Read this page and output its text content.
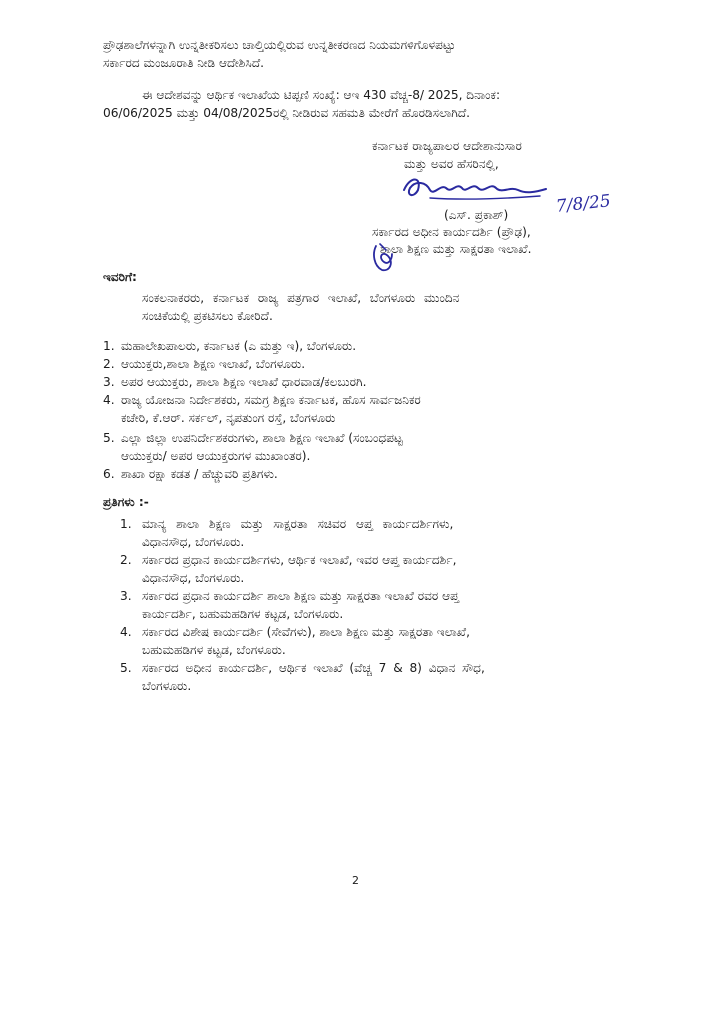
ಪ್ರೌಢಶಾಲೆಗಳನ್ನಾಗಿ ಉನ್ನತೀಕರಿಸಲು ಚಾಲ್ತಿಯಲ್ಲಿರುವ ಉನ್ನತೀಕರಣದ ನಿಯಮಗಳಿಗೊಳಪಟ್ಟು
ಸರ್ಕಾರದ ಮಂಜೂರಾತಿ ನೀಡಿ ಆದೇಶಿಸಿದೆ.
ಈ ಆದೇಶವನ್ನು ಆರ್ಥಿಕ ಇಲಾಖೆಯ ಟಿಪ್ಪಣಿ ಸಂಖ್ಯೆ: ಆಇ 430 ವೆಚ್ಚ-8/ 2025, ದಿನಾಂಕ:
06/06/2025 ಮತ್ತು 04/08/2025ರಲ್ಲಿ ನೀಡಿರುವ ಸಹಮತಿ ಮೇರೆಗೆ ಹೊರಡಿಸಲಾಗಿದೆ.
ಕರ್ನಾಟಕ ರಾಜ್ಯಪಾಲರ ಆದೇಶಾನುಸಾರ
ಮತ್ತು ಅವರ ಹೆಸರಿನಲ್ಲಿ,
7/8/25
(ಎಸ್. ಪ್ರಕಾಶ್)
ಸರ್ಕಾರದ ಅಧೀನ ಕಾರ್ಯದರ್ಶಿ (ಪ್ರೌಢ),
ಶಾಲಾ ಶಿಕ್ಷಣ ಮತ್ತು ಸಾಕ್ಷರತಾ ಇಲಾಖೆ.
ಇವರಿಗೆ:
ಸಂಕಲನಾಕರರು, ಕರ್ನಾಟಕ ರಾಜ್ಯ ಪತ್ರಗಾರ ಇಲಾಖೆ, ಬೆಂಗಳೂರು ಮುಂದಿನ
ಸಂಚಿಕೆಯಲ್ಲಿ ಪ್ರಕಟಿಸಲು ಕೋರಿದೆ.
1. ಮಹಾಲೇಖಪಾಲರು, ಕರ್ನಾಟಕ (ಎ ಮತ್ತು ಇ), ಬೆಂಗಳೂರು.
2. ಆಯುಕ್ತರು,ಶಾಲಾ ಶಿಕ್ಷಣ ಇಲಾಖೆ, ಬೆಂಗಳೂರು.
3. ಅಪರ ಆಯುಕ್ತರು, ಶಾಲಾ ಶಿಕ್ಷಣ ಇಲಾಖೆ ಧಾರವಾಡ/ಕಲಬುರಗಿ.
4. ರಾಜ್ಯ ಯೋಜನಾ ನಿರ್ದೇಶಕರು, ಸಮಗ್ರ ಶಿಕ್ಷಣ ಕರ್ನಾಟಕ, ಹೊಸ ಸಾರ್ವಜನಿಕರ
ಕಚೇರಿ, ಕೆ.ಆರ್. ಸರ್ಕಲ್, ನೃಪತುಂಗ ರಸ್ತೆ, ಬೆಂಗಳೂರು
5. ಎಲ್ಲಾ ಜಿಲ್ಲಾ ಉಪನಿರ್ದೇಶಕರುಗಳು, ಶಾಲಾ ಶಿಕ್ಷಣ ಇಲಾಖೆ (ಸಂಬಂಧಪಟ್ಟ
ಆಯುಕ್ತರು/ ಅಪರ ಆಯುಕ್ತರುಗಳ ಮುಖಾಂತರ).
6. ಶಾಖಾ ರಕ್ಷಾ ಕಡತ / ಹೆಚ್ಚುವರಿ ಪ್ರತಿಗಳು.
ಪ್ರತಿಗಳು :-
1. ಮಾನ್ಯ ಶಾಲಾ ಶಿಕ್ಷಣ ಮತ್ತು ಸಾಕ್ಷರತಾ ಸಚಿವರ ಆಪ್ತ ಕಾರ್ಯದರ್ಶಿಗಳು,
ವಿಧಾನಸೌಧ, ಬೆಂಗಳೂರು.
2. ಸರ್ಕಾರದ ಪ್ರಧಾನ ಕಾರ್ಯದರ್ಶಿಗಳು, ಆರ್ಥಿಕ ಇಲಾಖೆ, ಇವರ ಆಪ್ತ ಕಾರ್ಯದರ್ಶಿ,
ವಿಧಾನಸೌಧ, ಬೆಂಗಳೂರು.
3. ಸರ್ಕಾರದ ಪ್ರಧಾನ ಕಾರ್ಯದರ್ಶಿ ಶಾಲಾ ಶಿಕ್ಷಣ ಮತ್ತು ಸಾಕ್ಷರತಾ ಇಲಾಖೆ ರವರ ಆಪ್ತ
ಕಾರ್ಯದರ್ಶಿ, ಬಹುಮಹಡಿಗಳ ಕಟ್ಟಡ, ಬೆಂಗಳೂರು.
4. ಸರ್ಕಾರದ ವಿಶೇಷ ಕಾರ್ಯದರ್ಶಿ (ಸೇವೆಗಳು), ಶಾಲಾ ಶಿಕ್ಷಣ ಮತ್ತು ಸಾಕ್ಷರತಾ ಇಲಾಖೆ,
ಬಹುಮಹಡಿಗಳ ಕಟ್ಟಡ, ಬೆಂಗಳೂರು.
5. ಸರ್ಕಾರದ ಅಧೀನ ಕಾರ್ಯದರ್ಶಿ, ಆರ್ಥಿಕ ಇಲಾಖೆ (ವೆಚ್ಚ 7 & 8) ವಿಧಾನ ಸೌಧ,
ಬೆಂಗಳೂರು.
2
